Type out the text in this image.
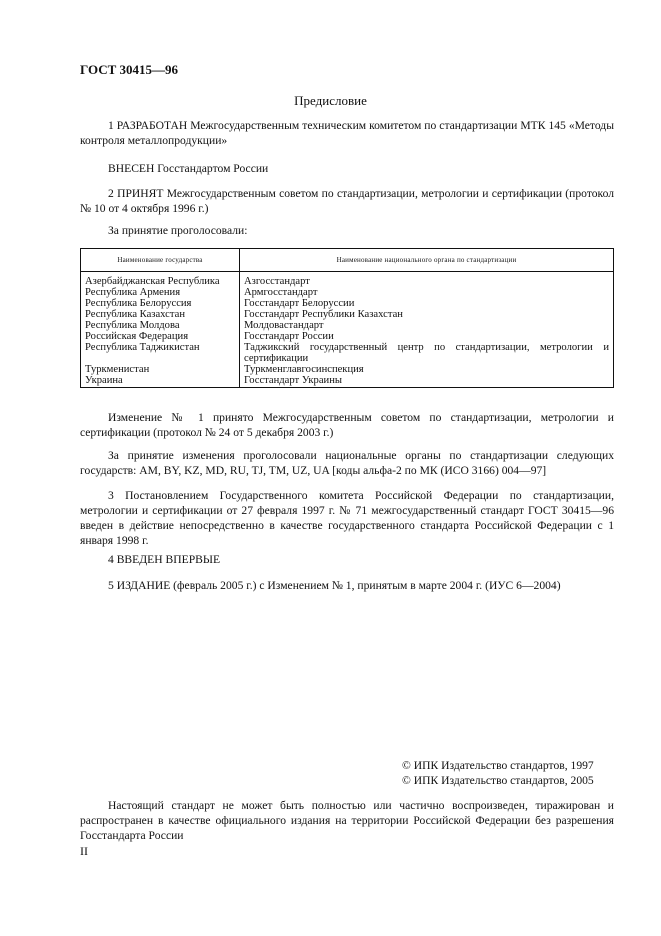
ГОСТ 30415—96
Предисловие
1 РАЗРАБОТАН Межгосударственным техническим комитетом по стандартизации МТК 145 «Методы контроля металлопродукции»
ВНЕСЕН Госстандартом России
2 ПРИНЯТ Межгосударственным советом по стандартизации, метрологии и сертификации (протокол № 10 от 4 октября 1996 г.)
За принятие проголосовали:
Наименование государства	Наименование национального органа по стандартизации
Азербайджанская Республика	Азгосстандарт
Республика Армения	Армгосстандарт
Республика Белоруссия	Госстандарт Белоруссии
Республика Казахстан	Госстандарт Республики Казахстан
Республика Молдова	Молдовастандарт
Российская Федерация	Госстандарт России
Республика Таджикистан	Таджикский государственный центр по стандартизации, метрологии и сертификации
Туркменистан	Туркменглавгосинспекция
Украина	Госстандарт Украины
Изменение № 1 принято Межгосударственным советом по стандартизации, метрологии и сертификации (протокол № 24 от 5 декабря 2003 г.)
За принятие изменения проголосовали национальные органы по стандартизации следующих государств: AM, BY, KZ, MD, RU, TJ, TM, UZ, UA [коды альфа-2 по МК (ИСО 3166) 004—97]
3 Постановлением Государственного комитета Российской Федерации по стандартизации, метрологии и сертификации от 27 февраля 1997 г. № 71 межгосударственный стандарт ГОСТ 30415—96 введен в действие непосредственно в качестве государственного стандарта Российской Федерации с 1 января 1998 г.
4 ВВЕДЕН ВПЕРВЫЕ
5 ИЗДАНИЕ (февраль 2005 г.) с Изменением № 1, принятым в марте 2004 г. (ИУС 6—2004)
© ИПК Издательство стандартов, 1997
© ИПК Издательство стандартов, 2005
Настоящий стандарт не может быть полностью или частично воспроизведен, тиражирован и распространен в качестве официального издания на территории Российской Федерации без разрешения Госстандарта России
II
